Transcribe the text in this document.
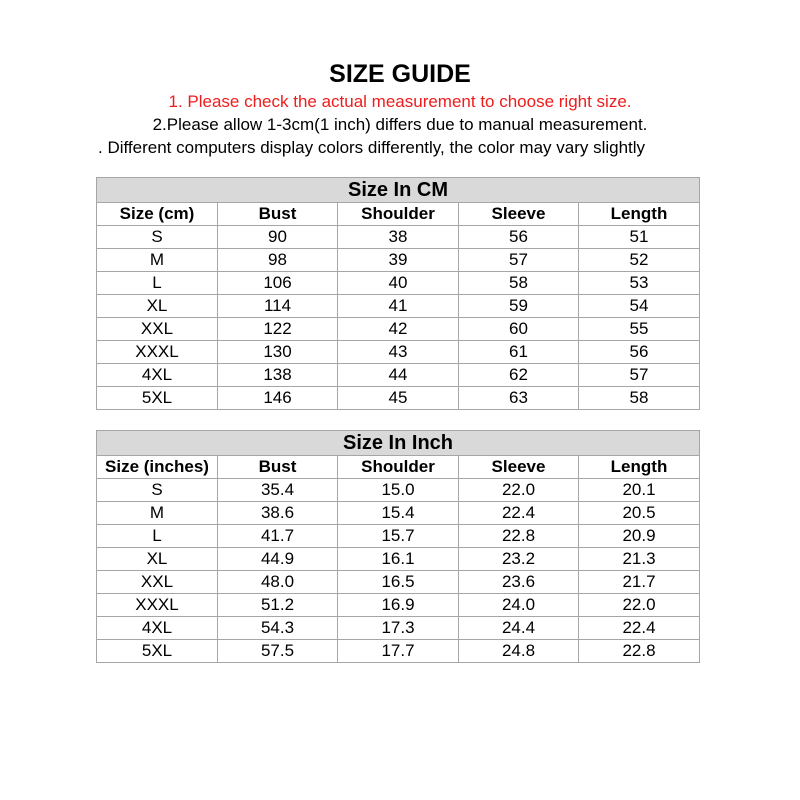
SIZE GUIDE

1. Please check the actual measurement to choose right size.

2.Please allow 1-3cm(1 inch) differs due to manual measurement.

. Different computers display colors differently, the color may vary slightly

Size In CM				
Size (cm)	Bust	Shoulder	Sleeve	Length
S	90	38	56	51
M	98	39	57	52
L	106	40	58	53
XL	114	41	59	54
XXL	122	42	60	55
XXXL	130	43	61	56
4XL	138	44	62	57
5XL	146	45	63	58
Size In Inch				
Size (inches)	Bust	Shoulder	Sleeve	Length
S	35.4	15.0	22.0	20.1
M	38.6	15.4	22.4	20.5
L	41.7	15.7	22.8	20.9
XL	44.9	16.1	23.2	21.3
XXL	48.0	16.5	23.6	21.7
XXXL	51.2	16.9	24.0	22.0
4XL	54.3	17.3	24.4	22.4
5XL	57.5	17.7	24.8	22.8
